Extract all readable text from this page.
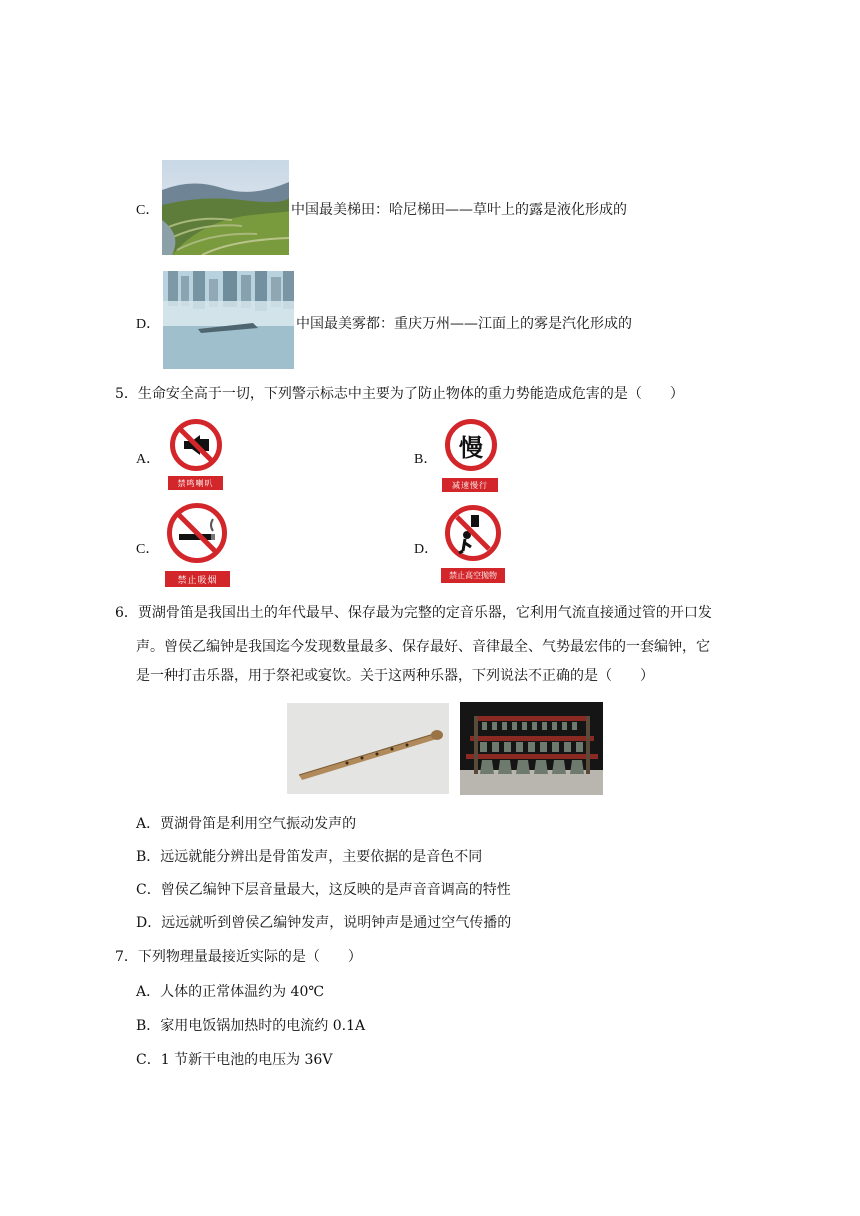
C．	中国最美梯田：哈尼梯田——草叶上的露是液化形成的
D．	中国最美雾都：重庆万州——江面上的雾是汽化形成的
5．生命安全高于一切，下列警示标志中主要为了防止物体的重力势能造成危害的是（　　）
A．
禁鸣喇叭
B． 慢
减速慢行
C．
禁止吸烟
D．
禁止高空抛物
6．贾湖骨笛是我国出土的年代最早、保存最为完整的定音乐器，它利用气流直接通过管的开口发
声。曾侯乙编钟是我国迄今发现数量最多、保存最好、音律最全、气势最宏伟的一套编钟，它
是一种打击乐器，用于祭祀或宴饮。关于这两种乐器，下列说法不正确的是（　　）
A．贾湖骨笛是利用空气振动发声的
B．远远就能分辨出是骨笛发声，主要依据的是音色不同
C．曾侯乙编钟下层音量最大，这反映的是声音音调高的特性
D．远远就听到曾侯乙编钟发声，说明钟声是通过空气传播的
7．下列物理量最接近实际的是（　　）
A．人体的正常体温约为 40℃
B．家用电饭锅加热时的电流约 0.1A
C．1 节新干电池的电压为 36V
